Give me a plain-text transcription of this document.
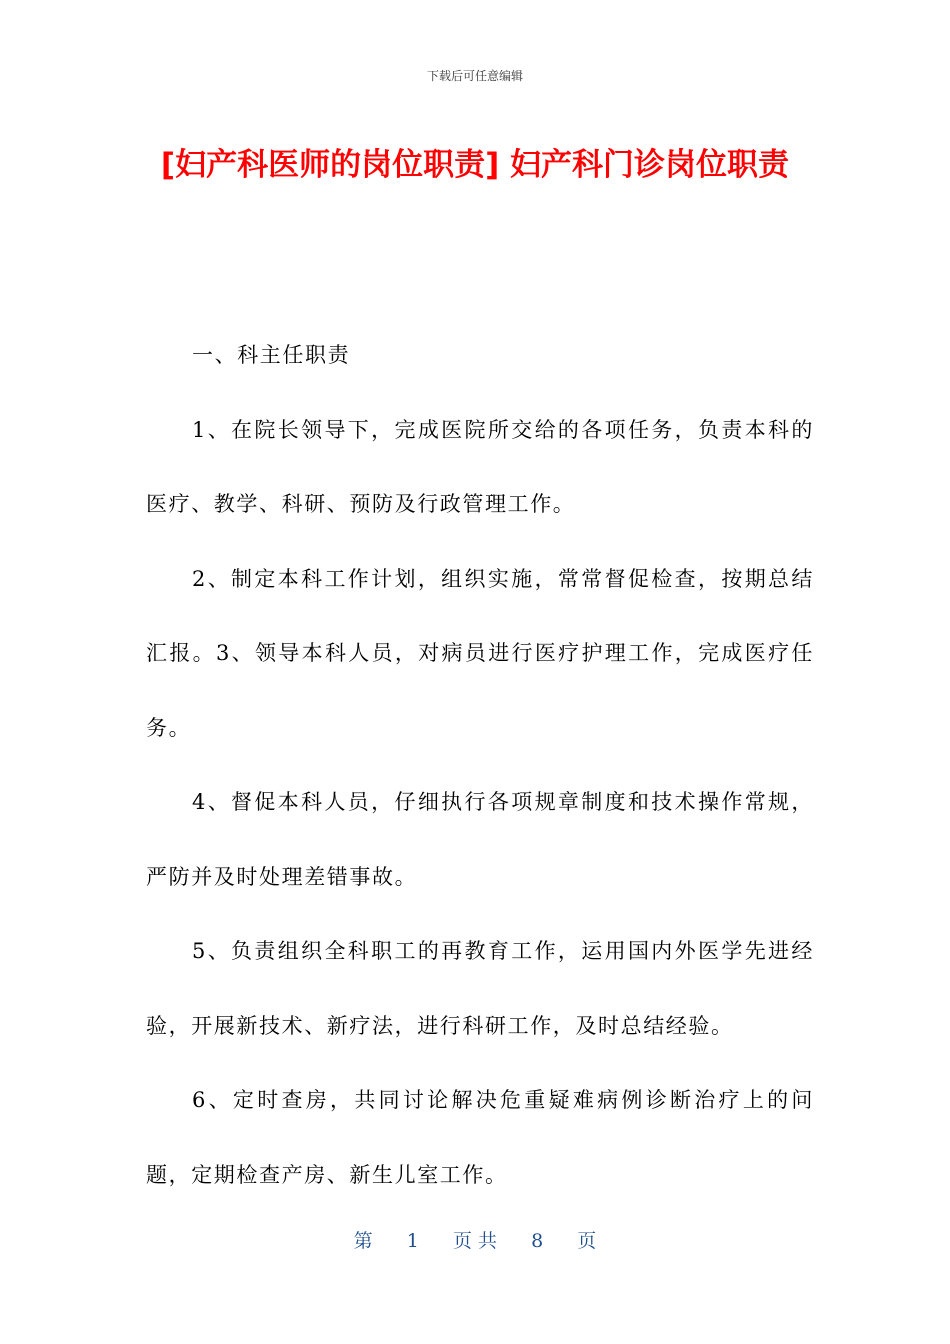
下载后可任意编辑
[妇产科医师的岗位职责] 妇产科门诊岗位职责

一、科主任职责

1、在院长领导下，完成医院所交给的各项任务，负责本科的医疗、教学、科研、预防及行政管理工作。

2、制定本科工作计划，组织实施，常常督促检查，按期总结汇报。3、领导本科人员，对病员进行医疗护理工作，完成医疗任务。

4、督促本科人员，仔细执行各项规章制度和技术操作常规，严防并及时处理差错事故。

5、负责组织全科职工的再教育工作，运用国内外医学先进经验，开展新技术、新疗法，进行科研工作，及时总结经验。

6、定时查房，共同讨论解决危重疑难病例诊断治疗上的问题，定期检查产房、新生儿室工作。

第 1 页 共 8 页
